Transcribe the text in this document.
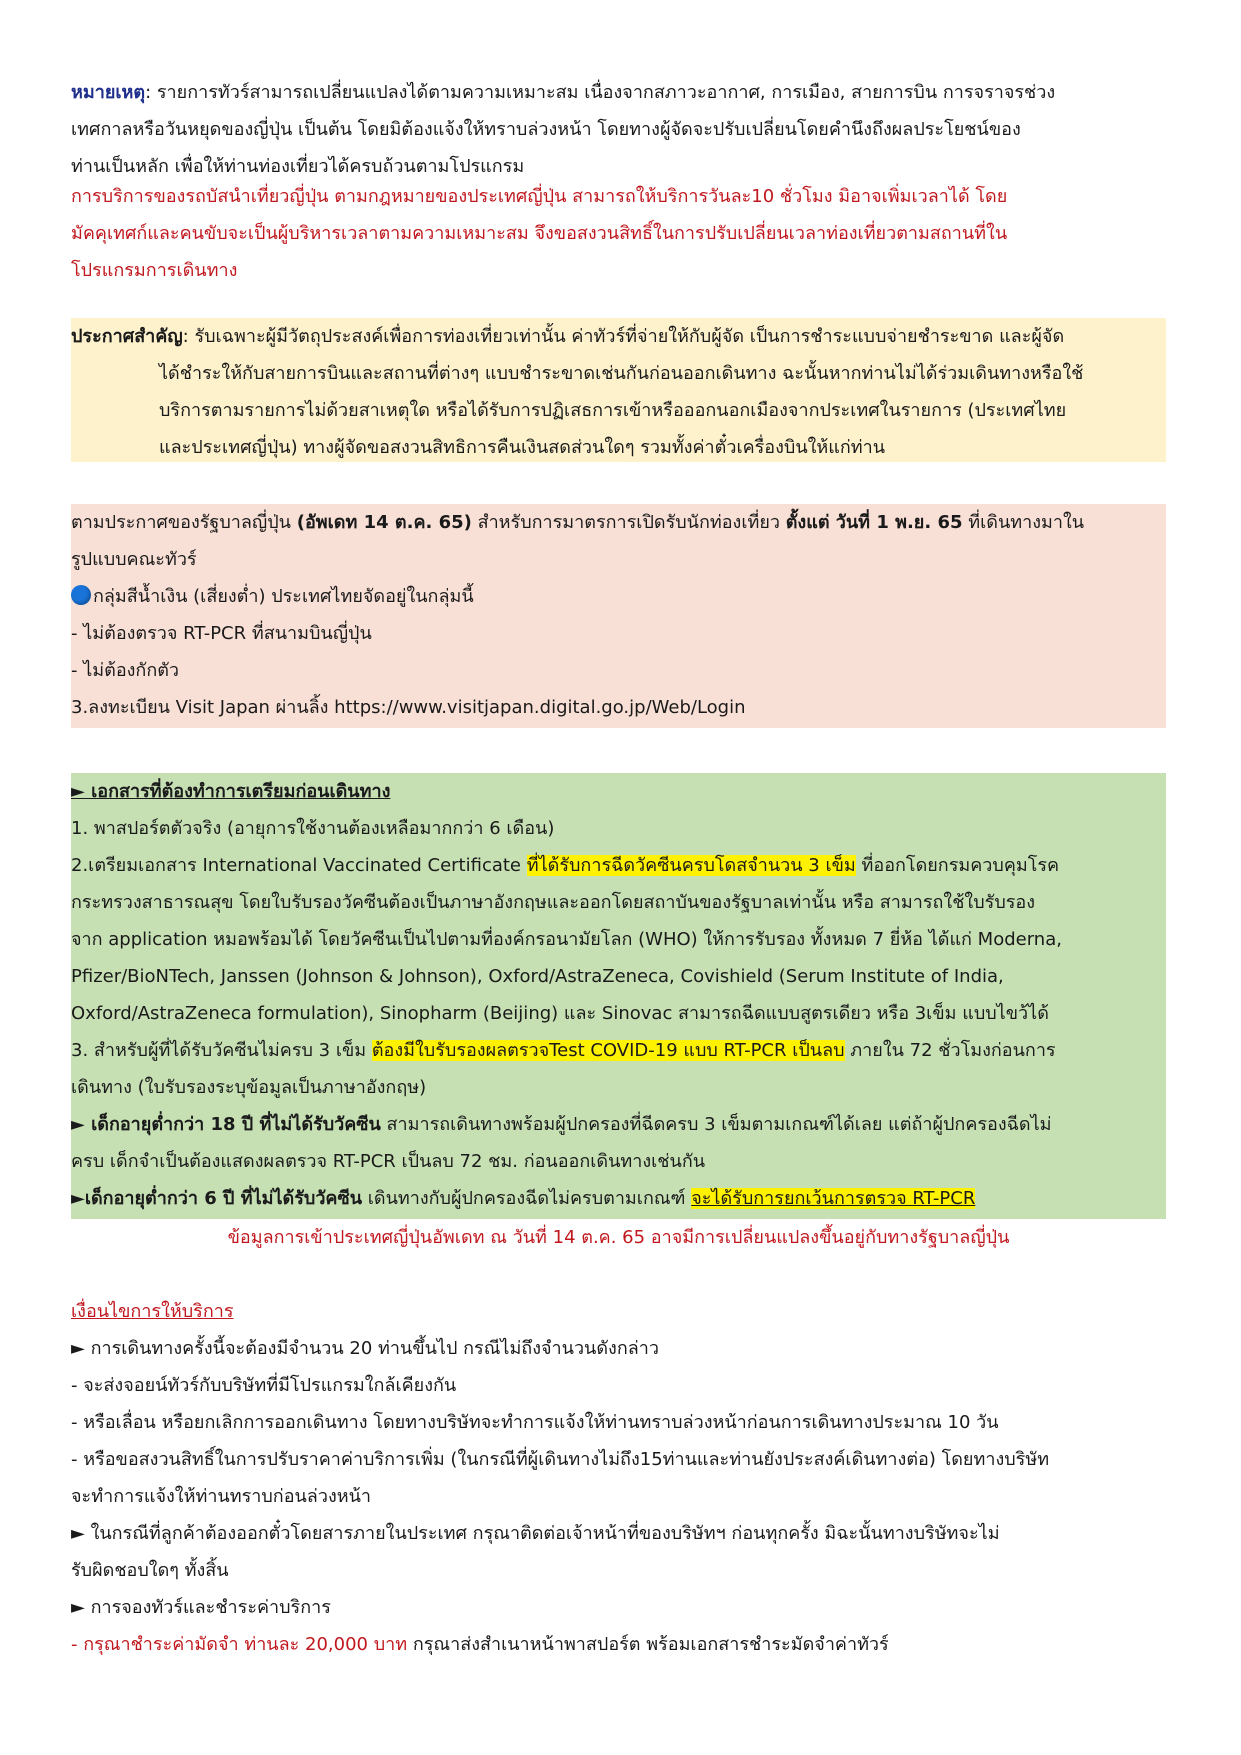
หมายเหตุ: รายการทัวร์สามารถเปลี่ยนแปลงได้ตามความเหมาะสม เนื่องจากสภาวะอากาศ, การเมือง, สายการบิน การจราจรช่วง
เทศกาลหรือวันหยุดของญี่ปุ่น เป็นต้น โดยมิต้องแจ้งให้ทราบล่วงหน้า โดยทางผู้จัดจะปรับเปลี่ยนโดยคำนึงถึงผลประโยชน์ของ
ท่านเป็นหลัก เพื่อให้ท่านท่องเที่ยวได้ครบถ้วนตามโปรแกรม
การบริการของรถบัสนำเที่ยวญี่ปุ่น ตามกฎหมายของประเทศญี่ปุ่น สามารถให้บริการวันละ10 ชั่วโมง มิอาจเพิ่มเวลาได้ โดย
มัคคุเทศก์และคนขับจะเป็นผู้บริหารเวลาตามความเหมาะสม จึงขอสงวนสิทธิ์ในการปรับเปลี่ยนเวลาท่องเที่ยวตามสถานที่ใน
โปรแกรมการเดินทาง
ประกาศสำคัญ: รับเฉพาะผู้มีวัตถุประสงค์เพื่อการท่องเที่ยวเท่านั้น ค่าทัวร์ที่จ่ายให้กับผู้จัด เป็นการชำระแบบจ่ายชำระขาด และผู้จัด
ได้ชำระให้กับสายการบินและสถานที่ต่างๆ แบบชำระขาดเช่นกันก่อนออกเดินทาง ฉะนั้นหากท่านไม่ได้ร่วมเดินทางหรือใช้
บริการตามรายการไม่ด้วยสาเหตุใด หรือได้รับการปฏิเสธการเข้าหรือออกนอกเมืองจากประเทศในรายการ (ประเทศไทย
และประเทศญี่ปุ่น) ทางผู้จัดขอสงวนสิทธิการคืนเงินสดส่วนใดๆ รวมทั้งค่าตั๋วเครื่องบินให้แก่ท่าน
ตามประกาศของรัฐบาลญี่ปุ่น (อัพเดท 14 ต.ค. 65) สำหรับการมาตรการเปิดรับนักท่องเที่ยว ตั้งแต่ วันที่ 1 พ.ย. 65 ที่เดินทางมาใน
รูปแบบคณะทัวร์
กลุ่มสีน้ำเงิน (เสี่ยงต่ำ) ประเทศไทยจัดอยู่ในกลุ่มนี้
- ไม่ต้องตรวจ RT-PCR ที่สนามบินญี่ปุ่น
- ไม่ต้องกักตัว
3.ลงทะเบียน Visit Japan ผ่านลิ้ง https://www.visitjapan.digital.go.jp/Web/Login
► เอกสารที่ต้องทำการเตรียมก่อนเดินทาง
1. พาสปอร์ตตัวจริง (อายุการใช้งานต้องเหลือมากกว่า 6 เดือน)
2.เตรียมเอกสาร International Vaccinated Certificate ที่ได้รับการฉีดวัคซีนครบโดสจำนวน 3 เข็ม ที่ออกโดยกรมควบคุมโรค
กระทรวงสาธารณสุข โดยใบรับรองวัคซีนต้องเป็นภาษาอังกฤษและออกโดยสถาบันของรัฐบาลเท่านั้น หรือ สามารถใช้ใบรับรอง
จาก application หมอพร้อมได้ โดยวัคซีนเป็นไปตามที่องค์กรอนามัยโลก (WHO) ให้การรับรอง ทั้งหมด 7 ยี่ห้อ ได้แก่ Moderna,
Pfizer/BioNTech, Janssen (Johnson & Johnson), Oxford/AstraZeneca, Covishield (Serum Institute of India,
Oxford/AstraZeneca formulation), Sinopharm (Beijing) และ Sinovac สามารถฉีดแบบสูตรเดียว หรือ 3เข็ม แบบไขว้ได้
3. สำหรับผู้ที่ได้รับวัคซีนไม่ครบ 3 เข็ม ต้องมีใบรับรองผลตรวจTest COVID-19 แบบ RT-PCR เป็นลบ ภายใน 72 ชั่วโมงก่อนการ
เดินทาง (ใบรับรองระบุข้อมูลเป็นภาษาอังกฤษ)
► เด็กอายุต่ำกว่า 18 ปี ที่ไม่ได้รับวัคซีน สามารถเดินทางพร้อมผู้ปกครองที่ฉีดครบ 3 เข็มตามเกณฑ์ได้เลย แต่ถ้าผู้ปกครองฉีดไม่
ครบ เด็กจำเป็นต้องแสดงผลตรวจ RT-PCR เป็นลบ 72 ชม. ก่อนออกเดินทางเช่นกัน
►เด็กอายุต่ำกว่า 6 ปี ที่ไม่ได้รับวัคซีน เดินทางกับผู้ปกครองฉีดไม่ครบตามเกณฑ์ จะได้รับการยกเว้นการตรวจ RT-PCR
ข้อมูลการเข้าประเทศญี่ปุ่นอัพเดท ณ วันที่ 14 ต.ค. 65 อาจมีการเปลี่ยนแปลงขึ้นอยู่กับทางรัฐบาลญี่ปุ่น
เงื่อนไขการให้บริการ
► การเดินทางครั้งนี้จะต้องมีจำนวน 20 ท่านขึ้นไป กรณีไม่ถึงจำนวนดังกล่าว
- จะส่งจอยน์ทัวร์กับบริษัทที่มีโปรแกรมใกล้เคียงกัน
- หรือเลื่อน หรือยกเลิกการออกเดินทาง โดยทางบริษัทจะทำการแจ้งให้ท่านทราบล่วงหน้าก่อนการเดินทางประมาณ 10 วัน
- หรือขอสงวนสิทธิ์ในการปรับราคาค่าบริการเพิ่ม (ในกรณีที่ผู้เดินทางไม่ถึง15ท่านและท่านยังประสงค์เดินทางต่อ) โดยทางบริษัท
จะทำการแจ้งให้ท่านทราบก่อนล่วงหน้า
► ในกรณีที่ลูกค้าต้องออกตั๋วโดยสารภายในประเทศ กรุณาติดต่อเจ้าหน้าที่ของบริษัทฯ ก่อนทุกครั้ง มิฉะนั้นทางบริษัทจะไม่
รับผิดชอบใดๆ ทั้งสิ้น
► การจองทัวร์และชำระค่าบริการ
- กรุณาชำระค่ามัดจำ ท่านละ 20,000 บาท กรุณาส่งสำเนาหน้าพาสปอร์ต พร้อมเอกสารชำระมัดจำค่าทัวร์
